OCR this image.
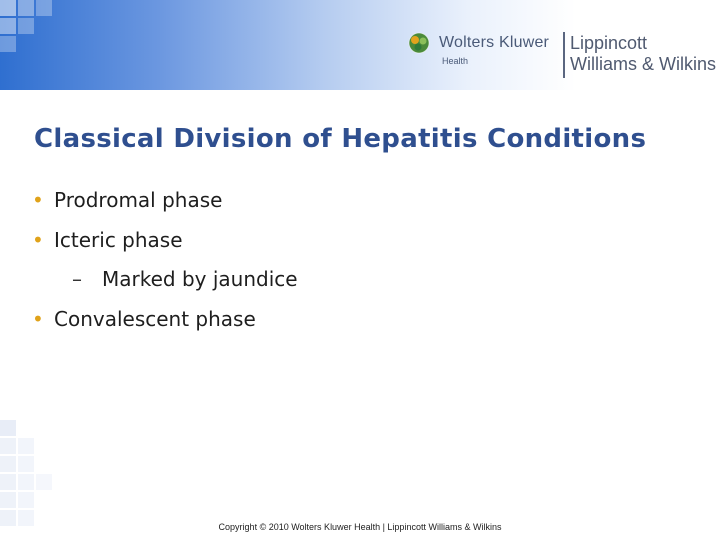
Wolters Kluwer
Health
Lippincott
Williams & Wilkins
Classical Division of Hepatitis Conditions
• Prodromal phase
• Icteric phase
– Marked by jaundice
• Convalescent phase
Copyright © 2010 Wolters Kluwer Health | Lippincott Williams & Wilkins
